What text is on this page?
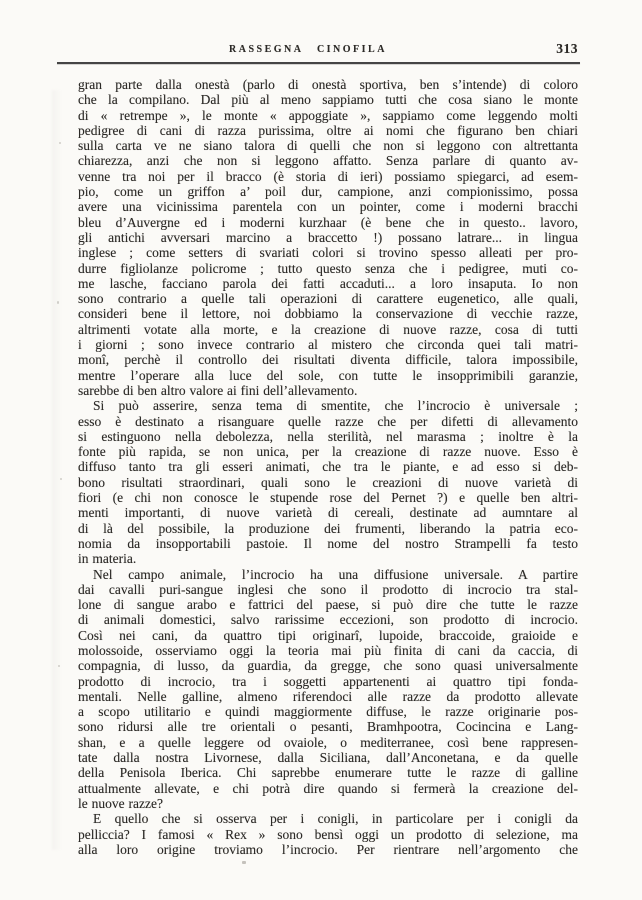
RASSEGNA CINOFILA	313

gran parte dalla onestà (parlo di onestà sportiva, ben s’intende) di coloro
che la compilano. Dal più al meno sappiamo tutti che cosa siano le monte
di « retrempe », le monte « appoggiate », sappiamo come leggendo molti
pedigree di cani di razza purissima, oltre ai nomi che figurano ben chiari
sulla carta ve ne siano talora di quelli che non si leggono con altrettanta
chiarezza, anzi che non si leggono affatto. Senza parlare di quanto av-
venne tra noi per il bracco (è storia di ieri) possiamo spiegarci, ad esem-
pio, come un griffon a’ poil dur, campione, anzi compionissimo, possa
avere una vicinissima parentela con un pointer, come i moderni bracchi
bleu d’Auvergne ed i moderni kurzhaar (è bene che in questo.. lavoro,
gli antichi avversari marcino a braccetto !) possano latrare... in lingua
inglese ; come setters di svariati colori si trovino spesso alleati per pro-
durre figliolanze policrome ; tutto questo senza che i pedigree, muti co-
me lasche, facciano parola dei fatti accaduti... a loro insaputa. Io non
sono contrario a quelle tali operazioni di carattere eugenetico, alle quali,
consideri bene il lettore, noi dobbiamo la conservazione di vecchie razze,
altrimenti votate alla morte, e la creazione di nuove razze, cosa di tutti
i giorni ; sono invece contrario al mistero che circonda quei tali matri-
monî, perchè il controllo dei risultati diventa difficile, talora impossibile,
mentre l’operare alla luce del sole, con tutte le insopprimibili garanzie,
sarebbe di ben altro valore ai fini dell’allevamento.

Si può asserire, senza tema di smentite, che l’incrocio è universale ;
esso è destinato a risanguare quelle razze che per difetti di allevamento
si estinguono nella debolezza, nella sterilità, nel marasma ; inoltre è la
fonte più rapida, se non unica, per la creazione di razze nuove. Esso è
diffuso tanto tra gli esseri animati, che tra le piante, e ad esso si deb-
bono risultati straordinari, quali sono le creazioni di nuove varietà di
fiori (e chi non conosce le stupende rose del Pernet ?) e quelle ben altri-
menti importanti, di nuove varietà di cereali, destinate ad aumntare al
di là del possibile, la produzione dei frumenti, liberando la patria eco-
nomia da insopportabili pastoie. Il nome del nostro Strampelli fa testo
in materia.

Nel campo animale, l’incrocio ha una diffusione universale. A partire
dai cavalli puri-sangue inglesi che sono il prodotto di incrocio tra stal-
lone di sangue arabo e fattrici del paese, si può dire che tutte le razze
di animali domestici, salvo rarissime eccezioni, son prodotto di incrocio.
Così nei cani, da quattro tipi originarî, lupoide, braccoide, graioide e
molossoide, osserviamo oggi la teoria mai più finita di cani da caccia, di
compagnia, di lusso, da guardia, da gregge, che sono quasi universalmente
prodotto di incrocio, tra i soggetti appartenenti ai quattro tipi fonda-
mentali. Nelle galline, almeno riferendoci alle razze da prodotto allevate
a scopo utilitario e quindi maggiormente diffuse, le razze originarie pos-
sono ridursi alle tre orientali o pesanti, Bramhpootra, Cocincina e Lang-
shan, e a quelle leggere od ovaiole, o mediterranee, così bene rappresen-
tate dalla nostra Livornese, dalla Siciliana, dall’Anconetana, e da quelle
della Penisola Iberica. Chi saprebbe enumerare tutte le razze di galline
attualmente allevate, e chi potrà dire quando si fermerà la creazione del-
le nuove razze?

E quello che si osserva per i conigli, in particolare per i conigli da
pelliccia? I famosi « Rex » sono bensì oggi un prodotto di selezione, ma
alla loro origine troviamo l’incrocio. Per rientrare nell’argomento che
